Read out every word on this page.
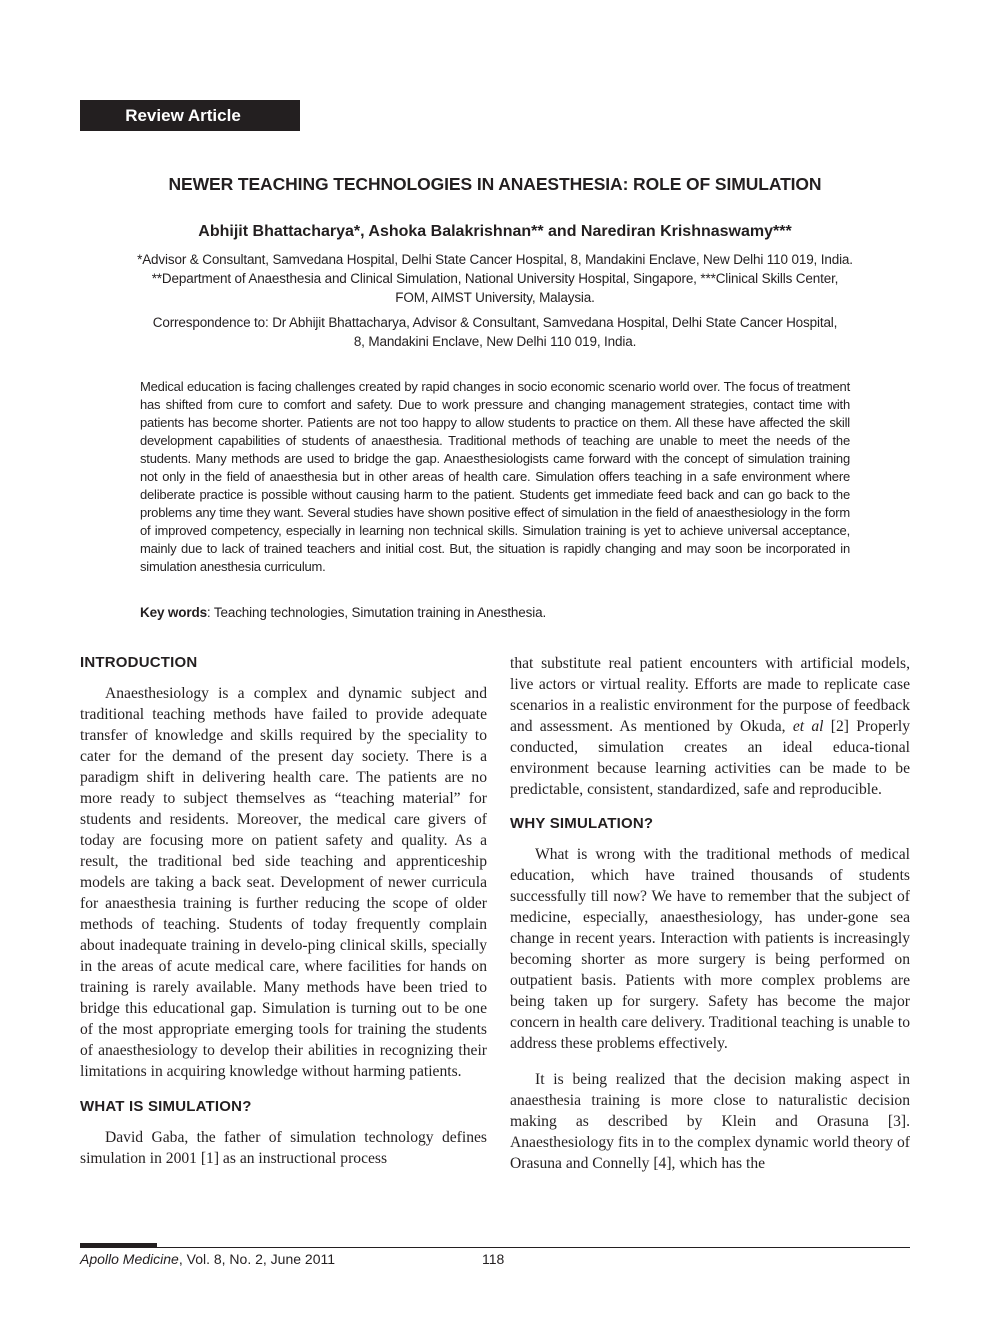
Review Article
NEWER TEACHING TECHNOLOGIES IN ANAESTHESIA: ROLE OF SIMULATION
Abhijit Bhattacharya*, Ashoka Balakrishnan** and Narediran Krishnaswamy***
*Advisor & Consultant, Samvedana Hospital, Delhi State Cancer Hospital, 8, Mandakini Enclave, New Delhi 110 019, India.
**Department of Anaesthesia and Clinical Simulation, National University Hospital, Singapore, ***Clinical Skills Center,
FOM, AIMST University, Malaysia.
Correspondence to: Dr Abhijit Bhattacharya, Advisor & Consultant, Samvedana Hospital, Delhi State Cancer Hospital,
8, Mandakini Enclave, New Delhi 110 019, India.

Medical education is facing challenges created by rapid changes in socio economic scenario world over. The focus of treatment has shifted from cure to comfort and safety. Due to work pressure and changing management strategies, contact time with patients has become shorter. Patients are not too happy to allow students to practice on them. All these have affected the skill development capabilities of students of anaesthesia. Traditional methods of teaching are unable to meet the needs of the students. Many methods are used to bridge the gap. Anaesthesiologists came forward with the concept of simulation training not only in the field of anaesthesia but in other areas of health care. Simulation offers teaching in a safe environment where deliberate practice is possible without causing harm to the patient. Students get immediate feed back and can go back to the problems any time they want. Several studies have shown positive effect of simulation in the field of anaesthesiology in the form of improved competency, especially in learning non technical skills. Simulation training is yet to achieve universal acceptance, mainly due to lack of trained teachers and initial cost. But, the situation is rapidly changing and may soon be incorporated in simulation anesthesia curriculum.

Key words: Teaching technologies, Simutation training in Anesthesia.

INTRODUCTION

Anaesthesiology is a complex and dynamic subject and traditional teaching methods have failed to provide adequate transfer of knowledge and skills required by the speciality to cater for the demand of the present day society. There is a paradigm shift in delivering health care. The patients are no more ready to subject themselves as “teaching material” for students and residents. Moreover, the medical care givers of today are focusing more on patient safety and quality. As a result, the traditional bed side teaching and apprenticeship models are taking a back seat. Development of newer curricula for anaesthesia training is further reducing the scope of older methods of teaching. Students of today frequently complain about inadequate training in develo-ping clinical skills, specially in the areas of acute medical care, where facilities for hands on training is rarely available. Many methods have been tried to bridge this educational gap. Simulation is turning out to be one of the most appropriate emerging tools for training the students of anaesthesiology to develop their abilities in recognizing their limitations in acquiring knowledge without harming patients.

WHAT IS SIMULATION?

David Gaba, the father of simulation technology defines simulation in 2001 [1] as an instructional process

that substitute real patient encounters with artificial models, live actors or virtual reality. Efforts are made to replicate case scenarios in a realistic environment for the purpose of feedback and assessment. As mentioned by Okuda, et al [2] Properly conducted, simulation creates an ideal educa-tional environment because learning activities can be made to be predictable, consistent, standardized, safe and reproducible.

WHY SIMULATION?

What is wrong with the traditional methods of medical education, which have trained thousands of students successfully till now? We have to remember that the subject of medicine, especially, anaesthesiology, has under-gone sea change in recent years. Interaction with patients is increasingly becoming shorter as more surgery is being performed on outpatient basis. Patients with more complex problems are being taken up for surgery. Safety has become the major concern in health care delivery. Traditional teaching is unable to address these problems effectively.

It is being realized that the decision making aspect in anaesthesia training is more close to naturalistic decision making as described by Klein and Orasuna [3]. Anaesthesiology fits in to the complex dynamic world theory of Orasuna and Connelly [4], which has the

Apollo Medicine, Vol. 8, No. 2, June 2011	118
